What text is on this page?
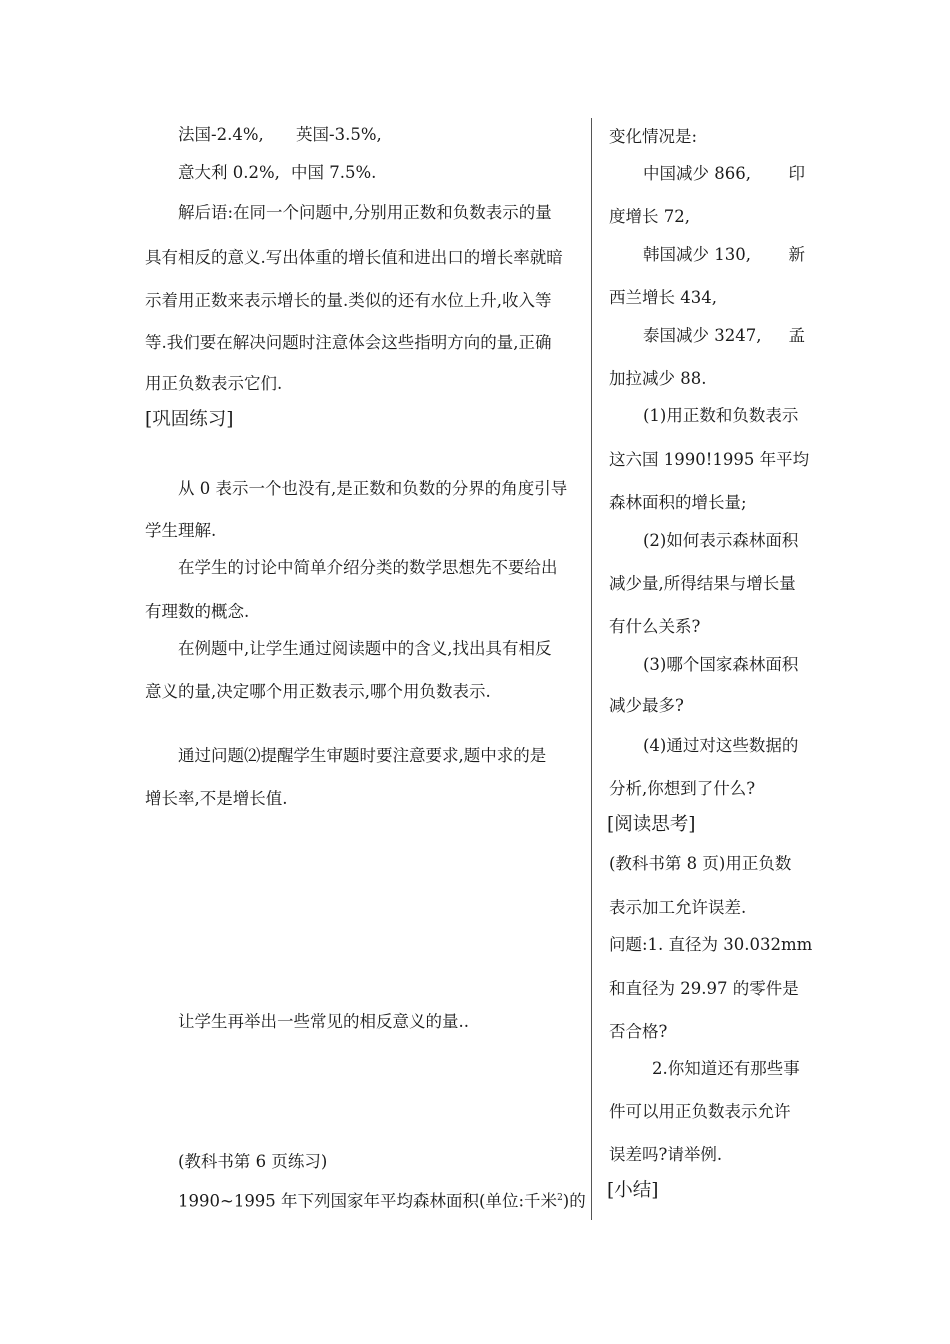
法国-2.4%, 英国-3.5%,
意大利 0.2%, 中国 7.5%.
解后语:在同一个问题中,分别用正数和负数表示的量
具有相反的意义.写出体重的增长值和进出口的增长率就暗
示着用正数来表示增长的量.类似的还有水位上升,收入等
等.我们要在解决问题时注意体会这些指明方向的量,正确
用正负数表示它们.
[巩固练习]
从 0 表示一个也没有,是正数和负数的分界的角度引导
学生理解.
在学生的讨论中简单介绍分类的数学思想先不要给出
有理数的概念.
在例题中,让学生通过阅读题中的含义,找出具有相反
意义的量,决定哪个用正数表示,哪个用负数表示.
通过问题⑵提醒学生审题时要注意要求,题中求的是
增长率,不是增长值.
让学生再举出一些常见的相反意义的量..
(教科书第 6 页练习)
1990~1995 年下列国家年平均森林面积(单位:千米$^2$)的
变化情况是:
中国减少 866, 印
度增长 72,
韩国减少 130, 新
西兰增长 434,
泰国减少 3247, 孟
加拉减少 88.
(1)用正数和负数表示
这六国 1990!1995 年平均
森林面积的增长量;
(2)如何表示森林面积
减少量,所得结果与增长量
有什么关系?
(3)哪个国家森林面积
减少最多?
(4)通过对这些数据的
分析,你想到了什么?
[阅读思考]
(教科书第 8 页)用正负数
表示加工允许误差.
问题:1. 直径为 30.032mm
和直径为 29.97 的零件是
否合格?
2.你知道还有那些事
件可以用正负数表示允许
误差吗?请举例.
[小结]
